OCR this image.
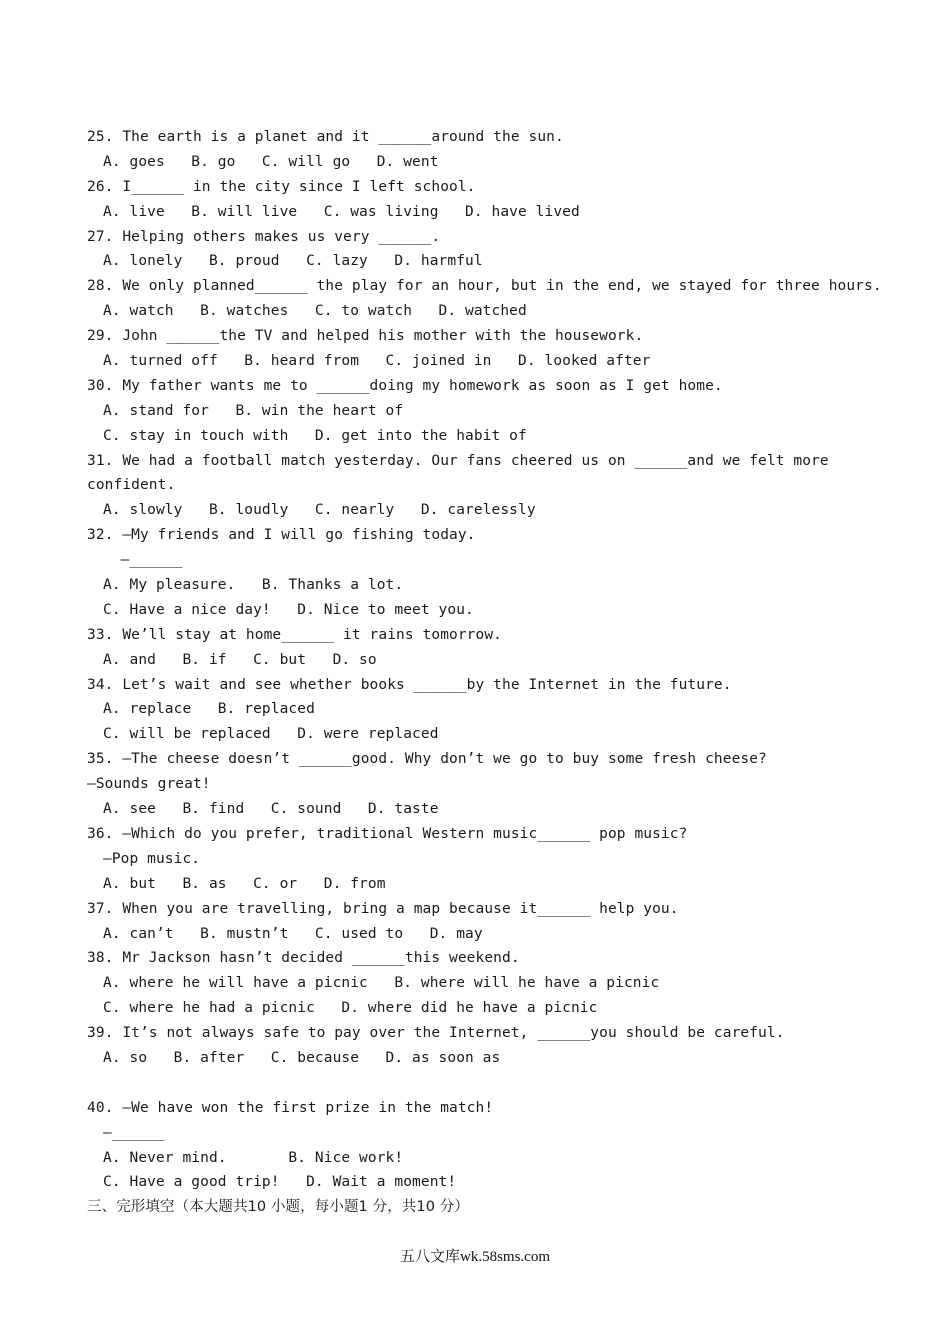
25. The earth is a planet and it ______around the sun.
A. goes   B. go   C. will go   D. went
26. I______ in the city since I left school.
A. live   B. will live   C. was living   D. have lived
27. Helping others makes us very ______.
A. lonely   B. proud   C. lazy   D. harmful
28. We only planned______ the play for an hour, but in the end, we stayed for three hours.
A. watch   B. watches   C. to watch   D. watched
29. John ______the TV and helped his mother with the housework.
A. turned off   B. heard from   C. joined in   D. looked after
30. My father wants me to ______doing my homework as soon as I get home.
A. stand for   B. win the heart of
C. stay in touch with   D. get into the habit of
31. We had a football match yesterday. Our fans cheered us on ______and we felt more
confident.
A. slowly   B. loudly   C. nearly   D. carelessly
32. —My friends and I will go fishing today.
—______
A. My pleasure.   B. Thanks a lot.
C. Have a nice day!   D. Nice to meet you.
33. We’ll stay at home______ it rains tomorrow.
A. and   B. if   C. but   D. so
34. Let’s wait and see whether books ______by the Internet in the future.
A. replace   B. replaced
C. will be replaced   D. were replaced
35. —The cheese doesn’t ______good. Why don’t we go to buy some fresh cheese?
—Sounds great!
A. see   B. find   C. sound   D. taste
36. —Which do you prefer, traditional Western music______ pop music?
—Pop music.
A. but   B. as   C. or   D. from
37. When you are travelling, bring a map because it______ help you.
A. can’t   B. mustn’t   C. used to   D. may
38. Mr Jackson hasn’t decided ______this weekend.
A. where he will have a picnic   B. where will he have a picnic
C. where he had a picnic   D. where did he have a picnic
39. It’s not always safe to pay over the Internet, ______you should be careful.
A. so   B. after   C. because   D. as soon as
40. —We have won the first prize in the match!
—______
A. Never mind.       B. Nice work!
C. Have a good trip!   D. Wait a moment!
三、完形填空（本大题共10 小题，每小题1 分，共10 分）
五八文库wk.58sms.com
